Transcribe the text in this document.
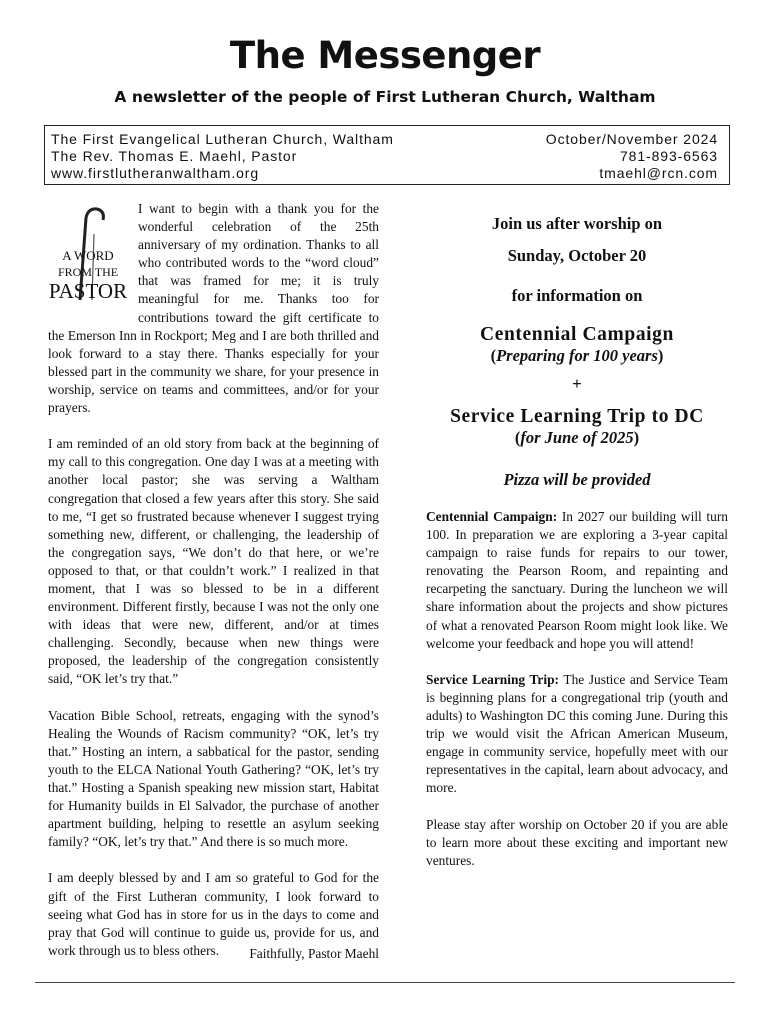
The Messenger
A newsletter of the people of First Lutheran Church, Waltham
The First Evangelical Lutheran Church, Waltham
The Rev. Thomas E. Maehl, Pastor
www.firstlutheranwaltham.org
October/November 2024
781-893-6563
tmaehl@rcn.com
A WORD
FROM THE
PASTOR

I want to begin with a thank you for the wonderful celebration of the 25th anniversary of my ordination. Thanks to all who contributed words to the “word cloud” that was framed for me; it is truly meaningful for me. Thanks too for contributions toward the gift certificate to the Emerson Inn in Rockport; Meg and I are both thrilled and look forward to a stay there. Thanks especially for your blessed part in the community we share, for your presence in worship, service on teams and committees, and/or for your prayers.

I am reminded of an old story from back at the beginning of my call to this congregation. One day I was at a meeting with another local pastor; she was serving a Waltham congregation that closed a few years after this story. She said to me, “I get so frustrated because whenever I suggest trying something new, different, or challenging, the leadership of the congregation says, “We don’t do that here, or we’re opposed to that, or that couldn’t work.” I realized in that moment, that I was so blessed to be in a different environment. Different firstly, because I was not the only one with ideas that were new, different, and/or at times challenging. Secondly, because when new things were proposed, the leadership of the congregation consistently said, “OK let’s try that.”

Vacation Bible School, retreats, engaging with the synod’s Healing the Wounds of Racism community? “OK, let’s try that.” Hosting an intern, a sabbatical for the pastor, sending youth to the ELCA National Youth Gathering? “OK, let’s try that.” Hosting a Spanish speaking new mission start, Habitat for Humanity builds in El Salvador, the purchase of another apartment building, helping to resettle an asylum seeking family? “OK, let’s try that.” And there is so much more.

I am deeply blessed by and I am so grateful to God for the gift of the First Lutheran community, I look forward to seeing what God has in store for us in the days to come and pray that God will continue to guide us, provide for us, and work through us to bless others.	Faithfully, Pastor Maehl

Join us after worship on

Sunday, October 20

for information on

Centennial Campaign

(Preparing for 100 years)

+

Service Learning Trip to DC

(for June of 2025)

Pizza will be provided

Centennial Campaign: In 2027 our building will turn 100. In preparation we are exploring a 3-year capital campaign to raise funds for repairs to our tower, renovating the Pearson Room, and repainting and recarpeting the sanctuary. During the luncheon we will share information about the projects and show pictures of what a renovated Pearson Room might look like. We welcome your feedback and hope you will attend!

Service Learning Trip: The Justice and Service Team is beginning plans for a congregational trip (youth and adults) to Washington DC this coming June. During this trip we would visit the African American Museum, engage in community service, hopefully meet with our representatives in the capital, learn about advocacy, and more.

Please stay after worship on October 20 if you are able to learn more about these exciting and important new ventures.
